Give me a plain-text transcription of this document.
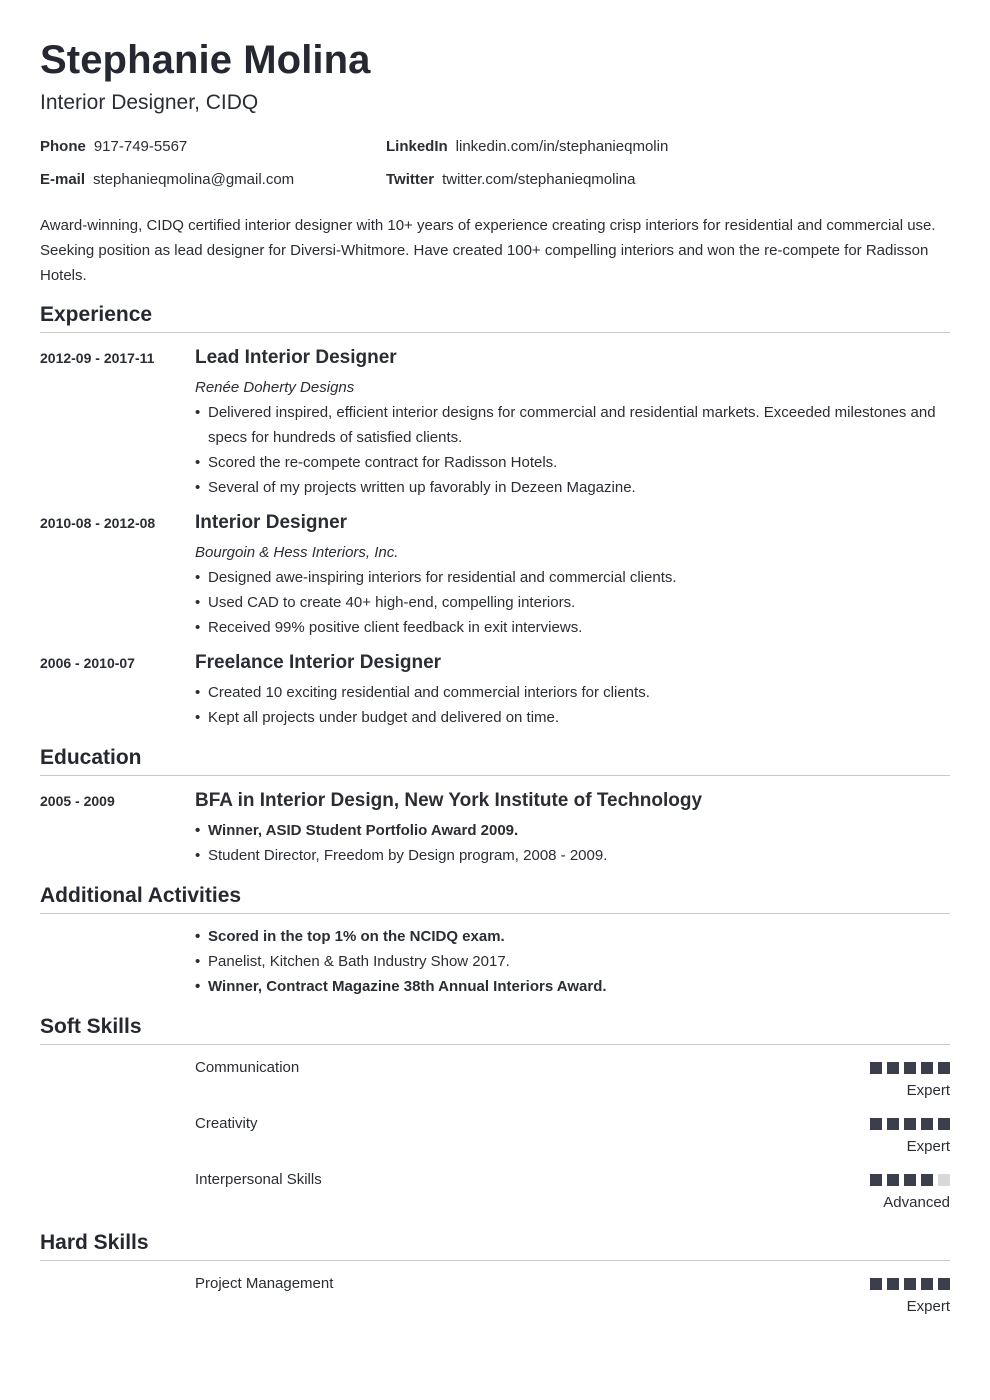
Stephanie Molina
Interior Designer, CIDQ
Phone 917-749-5567
E-mail stephanieqmolina@gmail.com
LinkedIn linkedin.com/in/stephanieqmolin
Twitter twitter.com/stephanieqmolina
Award-winning, CIDQ certified interior designer with 10+ years of experience creating crisp interiors for residential and commercial use. Seeking position as lead designer for Diversi-Whitmore. Have created 100+ compelling interiors and won the re-compete for Radisson Hotels.
Experience
2012-09 - 2017-11 Lead Interior Designer
Renée Doherty Designs
• Delivered inspired, efficient interior designs for commercial and residential markets. Exceeded milestones and specs for hundreds of satisfied clients.
• Scored the re-compete contract for Radisson Hotels.
• Several of my projects written up favorably in Dezeen Magazine.
2010-08 - 2012-08 Interior Designer
Bourgoin & Hess Interiors, Inc.
• Designed awe-inspiring interiors for residential and commercial clients.
• Used CAD to create 40+ high-end, compelling interiors.
• Received 99% positive client feedback in exit interviews.
2006 - 2010-07	Freelance Interior Designer
• Created 10 exciting residential and commercial interiors for clients.
• Kept all projects under budget and delivered on time.
Education
2005 - 2009	BFA in Interior Design, New York Institute of Technology
• Winner, ASID Student Portfolio Award 2009.
• Student Director, Freedom by Design program, 2008 - 2009.
Additional Activities
• Scored in the top 1% on the NCIDQ exam.
• Panelist, Kitchen & Bath Industry Show 2017.
• Winner, Contract Magazine 38th Annual Interiors Award.
Soft Skills
Communication
Expert
Creativity
Expert
Interpersonal Skills
Advanced
Hard Skills
Project Management
Expert
